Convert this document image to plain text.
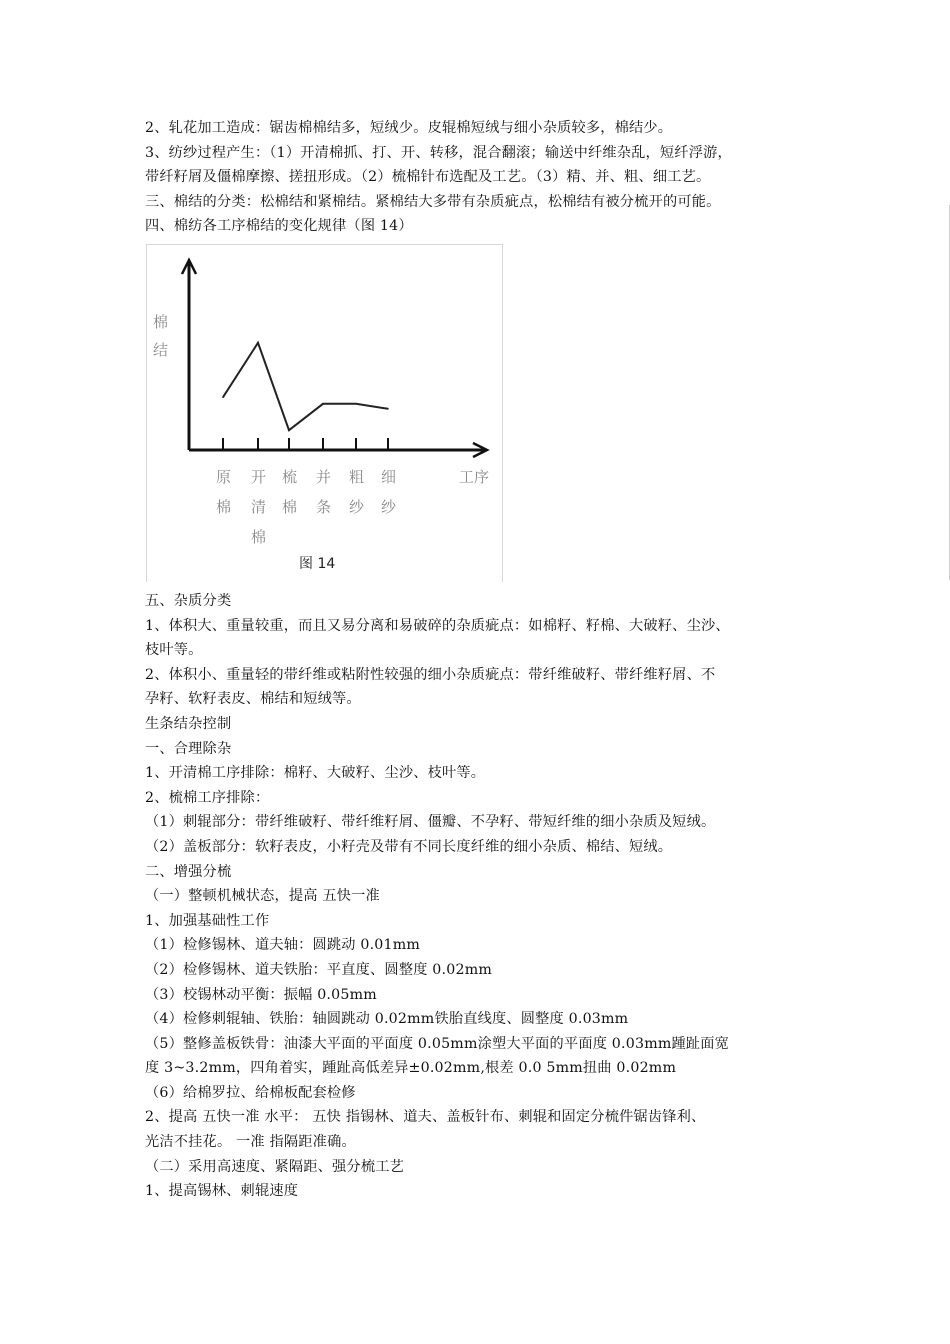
2、轧花加工造成：锯齿棉棉结多，短绒少。皮辊棉短绒与细小杂质较多，棉结少。
3、纺纱过程产生：（1）开清棉抓、打、开、转移，混合翻滚；输送中纤维杂乱，短纤浮游，
带纤籽屑及僵棉摩擦、搓扭形成。（2）梳棉针布选配及工艺。（3）精、并、粗、细工艺。
三、棉结的分类：松棉结和紧棉结。紧棉结大多带有杂质疵点，松棉结有被分梳开的可能。
四、棉纺各工序棉结的变化规律（图 14）
棉
结
工序
原
棉
开
清
棉
梳
棉
并
条
粗
纱
细
纱
图 14
五、杂质分类
1、体积大、重量较重，而且又易分离和易破碎的杂质疵点：如棉籽、籽棉、大破籽、尘沙、
枝叶等。
2、体积小、重量轻的带纤维或粘附性较强的细小杂质疵点：带纤维破籽、带纤维籽屑、不
孕籽、软籽表皮、棉结和短绒等。
生条结杂控制
一、合理除杂
1、开清棉工序排除：棉籽、大破籽、尘沙、枝叶等。
2、梳棉工序排除：
（1）刺辊部分：带纤维破籽、带纤维籽屑、僵瓣、不孕籽、带短纤维的细小杂质及短绒。
（2）盖板部分：软籽表皮，小籽壳及带有不同长度纤维的细小杂质、棉结、短绒。
二、增强分梳
（一）整顿机械状态，提高 五快一准
1、加强基础性工作
（1）检修锡林、道夫轴：圆跳动 0.01mm
（2）检修锡林、道夫铁胎：平直度、圆整度 0.02mm
（3）校锡林动平衡：振幅 0.05mm
（4）检修刺辊轴、铁胎：轴圆跳动 0.02mm铁胎直线度、圆整度 0.03mm
（5）整修盖板铁骨：油漆大平面的平面度 0.05mm涂塑大平面的平面度 0.03mm踵趾面宽
度 3~3.2mm，四角着实，踵趾高低差异±0.02mm,根差 0.0 5mm扭曲 0.02mm
（6）给棉罗拉、给棉板配套检修
2、提高 五快一准 水平： 五快 指锡林、道夫、盖板针布、刺辊和固定分梳件锯齿锋利、
光洁不挂花。 一准 指隔距准确。
（二）采用高速度、紧隔距、强分梳工艺
1、提高锡林、刺辊速度
